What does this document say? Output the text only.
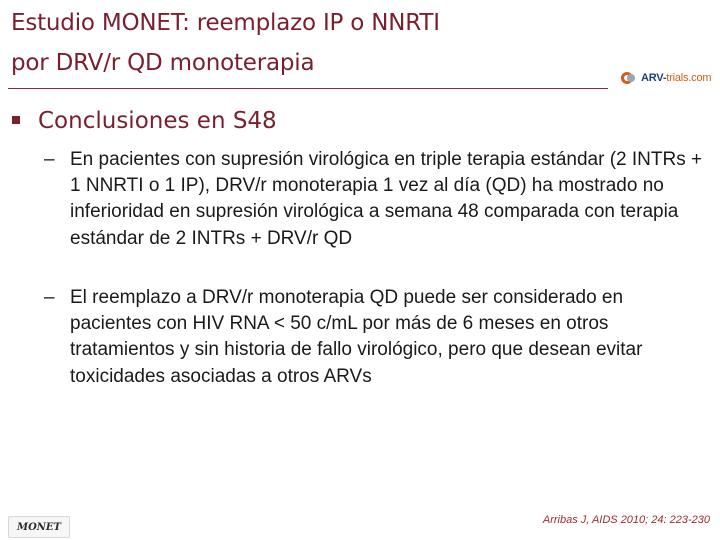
Estudio MONET: reemplazo IP o NNRTI
por DRV/r QD monoterapia
ARV-trials.com
Conclusiones en S48
– En pacientes con supresión virológica en triple terapia estándar (2 INTRs + 1 NNRTI o 1 IP), DRV/r monoterapia 1 vez al día (QD) ha mostrado no inferioridad en supresión virológica a semana 48 comparada con terapia estándar de 2 INTRs + DRV/r QD
– El reemplazo a DRV/r monoterapia QD puede ser considerado en pacientes con HIV RNA < 50 c/mL por más de 6 meses en otros tratamientos y sin historia de fallo virológico, pero que desean evitar toxicidades asociadas a otros ARVs
MONET
Arribas J, AIDS 2010; 24: 223-230
